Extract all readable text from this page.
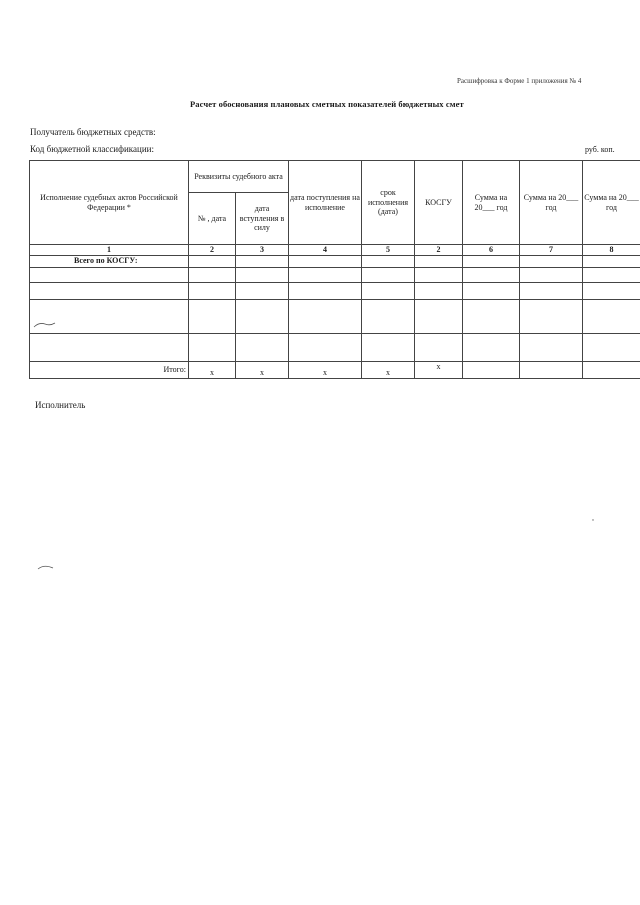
Расшифровка к Форме 1 приложения № 4
Расчет обоснования плановых сметных показателей бюджетных смет
Получатель бюджетных средств:
Код бюджетной классификации:	руб. коп.
Исполнение судебных актов Российской Федерации *	Реквизиты судебного акта		дата поступления на исполнение	срок исполнения (дата)	КОСГУ	Сумма на 20___ год	Сумма на 20___ год	Сумма на 20___ год
	№ , дата	дата вступления в силу						
1	2	3	4	5	2	6	7	8
Всего по КОСГУ:								

Итого:	x	x	x	x	x			
Исполнитель
